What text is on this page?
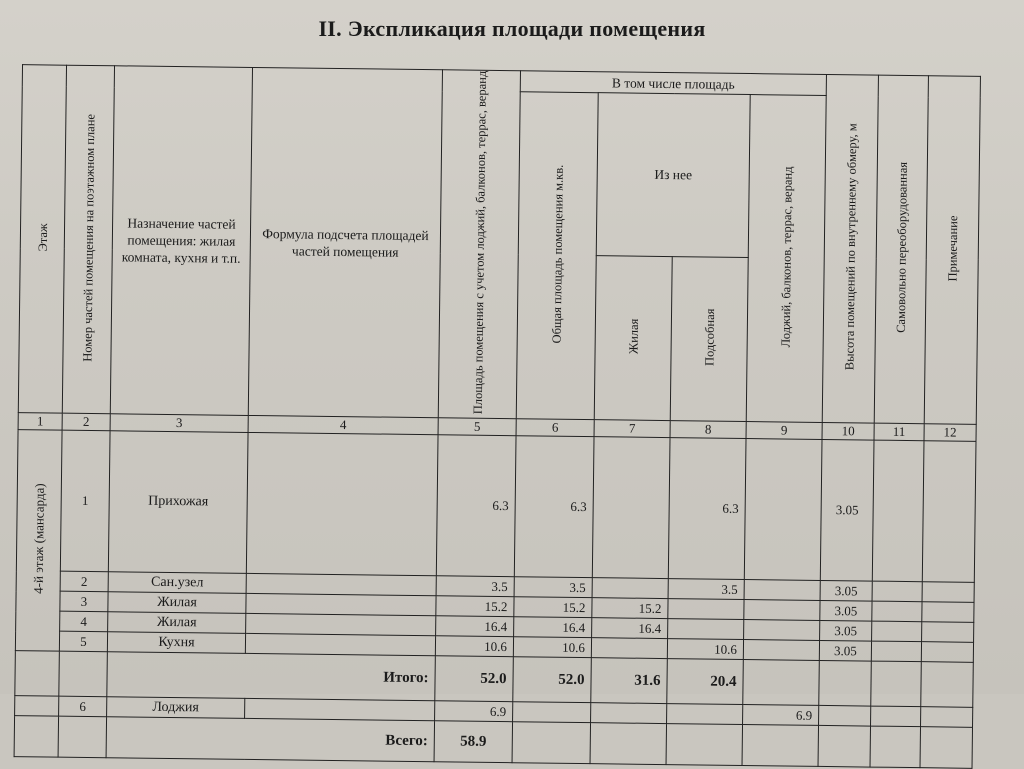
II. Экспликация площади помещения
Этаж	Номер частей помещения на поэтажном плане	Назначение частей помещения: жилая комната, кухня и т.п.	Формула подсчета площадей частей помещения	Площадь помещения с учетом лоджий, балконов, террас, веранд	В том числе площадь				Высота помещений по внутреннему обмеру, м	Самовольно переоборудованная	Примечание
					Общая площадь помещения м.кв.	Из нее		Лоджий, балконов, террас, веранд			
						Жилая	Подсобная				
1	2	3	4	5	6	7	8	9	10	11	12
4-й этаж (мансарда)	1	Прихожая		6.3	6.3		6.3		3.05		
	2	Сан.узел		3.5	3.5		3.5		3.05		
	3	Жилая		15.2	15.2	15.2			3.05		
	4	Жилая		16.4	16.4	16.4			3.05		
	5	Кухня		10.6	10.6		10.6		3.05		
		Итого:		52.0	52.0	31.6	20.4				
	6	Лоджия		6.9				6.9			
		Всего:		58.9							
